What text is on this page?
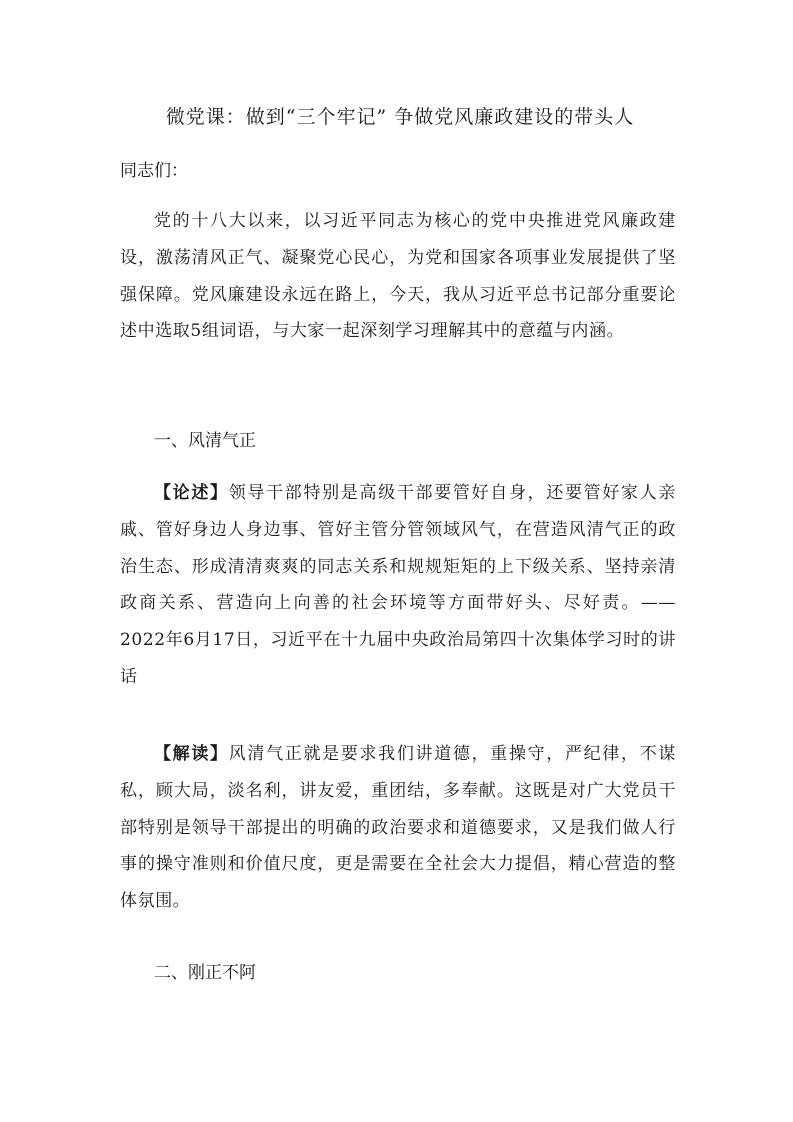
微党课：做到“三个牢记” 争做党风廉政建设的带头人
同志们：
党的十八大以来，以习近平同志为核心的党中央推进党风廉政建设，激荡清风正气、凝聚党心民心，为党和国家各项事业发展提供了坚强保障。党风廉建设永远在路上，今天，我从习近平总书记部分重要论述中选取5组词语，与大家一起深刻学习理解其中的意蕴与内涵。
一、风清气正
【论述】领导干部特别是高级干部要管好自身，还要管好家人亲戚、管好身边人身边事、管好主管分管领域风气，在营造风清气正的政治生态、形成清清爽爽的同志关系和规规矩矩的上下级关系、坚持亲清政商关系、营造向上向善的社会环境等方面带好头、尽好责。——2022年6月17日，习近平在十九届中央政治局第四十次集体学习时的讲话
【解读】风清气正就是要求我们讲道德，重操守，严纪律，不谋私，顾大局，淡名利，讲友爱，重团结，多奉献。这既是对广大党员干部特别是领导干部提出的明确的政治要求和道德要求，又是我们做人行事的操守准则和价值尺度，更是需要在全社会大力提倡，精心营造的整体氛围。
二、刚正不阿
